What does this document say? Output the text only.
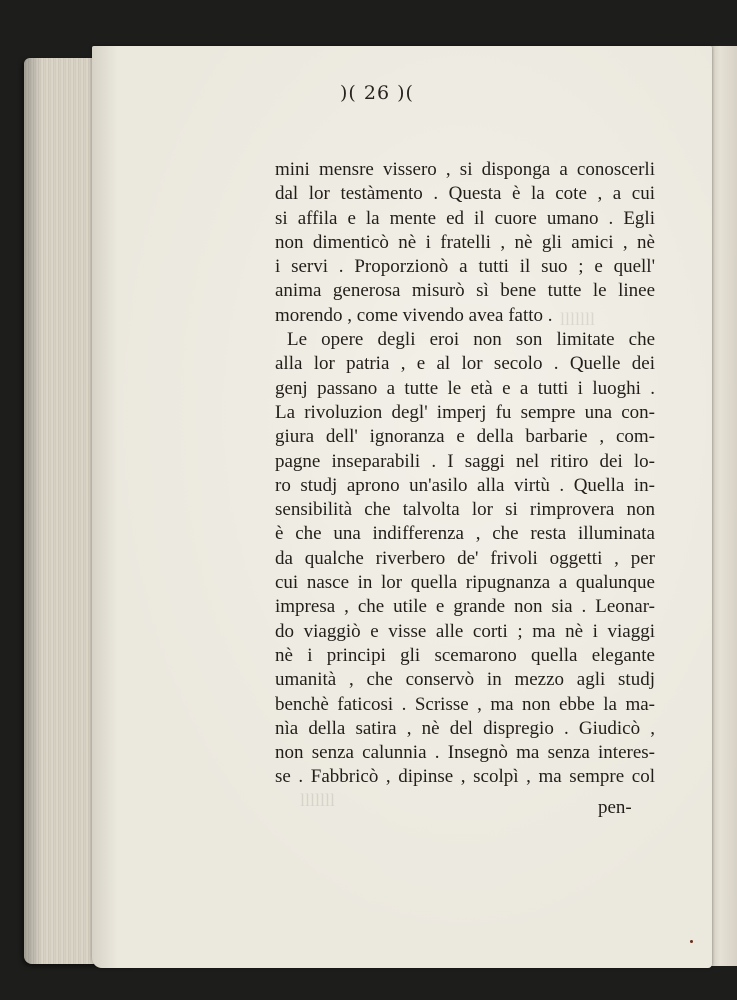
lllllll
lllllll
)( 26 )(
mini mensre vissero , si disponga a conoscerli
dal lor testàmento . Questa è la cote , a cui
si affila e la mente ed il cuore umano . Egli
non dimenticò nè i fratelli , nè gli amici , nè
i servi . Proporzionò a tutti il suo ; e quell'
anima generosa misurò sì bene tutte le linee
morendo , come vivendo avea fatto .
Le opere degli eroi non son limitate che
alla lor patria , e al lor secolo . Quelle dei
genj passano a tutte le età e a tutti i luoghi .
La rivoluzion degl' imperj fu sempre una con-
giura dell' ignoranza e della barbarie , com-
pagne inseparabili . I saggi nel ritiro dei lo-
ro studj aprono un'asilo alla virtù . Quella in-
sensibilità che talvolta lor si rimprovera non
è che una indifferenza , che resta illuminata
da qualche riverbero de' frivoli oggetti , per
cui nasce in lor quella ripugnanza a qualunque
impresa , che utile e grande non sia . Leonar-
do viaggiò e visse alle corti ; ma nè i viaggi
nè i principi gli scemarono quella elegante
umanità , che conservò in mezzo agli studj
benchè faticosi . Scrisse , ma non ebbe la ma-
nìa della satira , nè del dispregio . Giudicò ,
non senza calunnia . Insegnò ma senza interes-
se . Fabbricò , dipinse , scolpì , ma sempre col
pen-
